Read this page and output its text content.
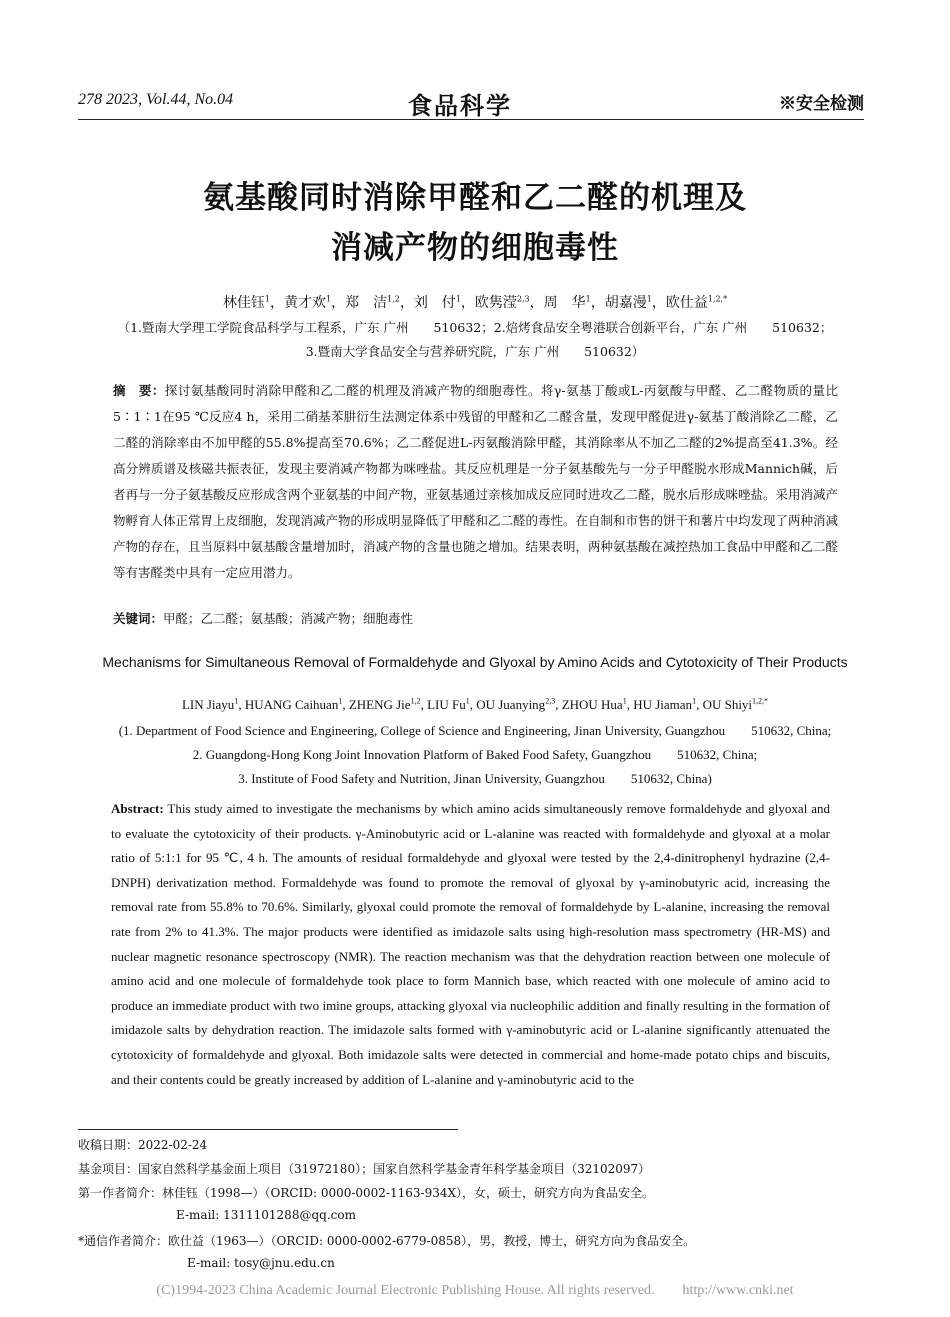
278 2023, Vol.44, No.04	食品科学	※安全检测
氨基酸同时消除甲醛和乙二醛的机理及
消减产物的细胞毒性
林佳钰$^1$，黄才欢$^1$，郑　洁$^{1,2}$，刘　付$^1$，欧隽滢$^{2,3}$，周　华$^1$，胡嘉漫$^1$，欧仕益$^{1,2,*}$
（1.暨南大学理工学院食品科学与工程系，广东 广州　　510632；2.焙烤食品安全粤港联合创新平台，广东 广州　　510632；
3.暨南大学食品安全与营养研究院，广东 广州　　510632）
摘　要：探讨氨基酸同时消除甲醛和乙二醛的机理及消减产物的细胞毒性。将γ-氨基丁酸或L-丙氨酸与甲醛、乙二醛物质的量比5∶1∶1在95 ℃反应4 h，采用二硝基苯肼衍生法测定体系中残留的甲醛和乙二醛含量，发现甲醛促进γ-氨基丁酸消除乙二醛，乙二醛的消除率由不加甲醛的55.8%提高至70.6%；乙二醛促进L-丙氨酸消除甲醛，其消除率从不加乙二醛的2%提高至41.3%。经高分辨质谱及核磁共振表征，发现主要消减产物都为咪唑盐。其反应机理是一分子氨基酸先与一分子甲醛脱水形成Mannich碱，后者再与一分子氨基酸反应形成含两个亚氨基的中间产物，亚氨基通过亲核加成反应同时进攻乙二醛，脱水后形成咪唑盐。采用消减产物孵育人体正常胃上皮细胞，发现消减产物的形成明显降低了甲醛和乙二醛的毒性。在自制和市售的饼干和薯片中均发现了两种消减产物的存在，且当原料中氨基酸含量增加时，消减产物的含量也随之增加。结果表明，两种氨基酸在减控热加工食品中甲醛和乙二醛等有害醛类中具有一定应用潜力。
关键词：甲醛；乙二醛；氨基酸；消减产物；细胞毒性
Mechanisms for Simultaneous Removal of Formaldehyde and Glyoxal by Amino Acids and Cytotoxicity of Their Products
LIN Jiayu$^1$, HUANG Caihuan$^1$, ZHENG Jie$^{1,2}$, LIU Fu$^1$, OU Juanying$^{2,3}$, ZHOU Hua$^1$, HU Jiaman$^1$, OU Shiyi$^{1,2,*}$
(1. Department of Food Science and Engineering, College of Science and Engineering, Jinan University, Guangzhou　　510632, China;
2. Guangdong-Hong Kong Joint Innovation Platform of Baked Food Safety, Guangzhou　　510632, China;
3. Institute of Food Safety and Nutrition, Jinan University, Guangzhou　　510632, China)
Abstract: This study aimed to investigate the mechanisms by which amino acids simultaneously remove formaldehyde and glyoxal and to evaluate the cytotoxicity of their products. γ-Aminobutyric acid or L-alanine was reacted with formaldehyde and glyoxal at a molar ratio of 5:1:1 for 95 ℃, 4 h. The amounts of residual formaldehyde and glyoxal were tested by the 2,4-dinitrophenyl hydrazine (2,4-DNPH) derivatization method. Formaldehyde was found to promote the removal of glyoxal by γ-aminobutyric acid, increasing the removal rate from 55.8% to 70.6%. Similarly, glyoxal could promote the removal of formaldehyde by L-alanine, increasing the removal rate from 2% to 41.3%. The major products were identified as imidazole salts using high-resolution mass spectrometry (HR-MS) and nuclear magnetic resonance spectroscopy (NMR). The reaction mechanism was that the dehydration reaction between one molecule of amino acid and one molecule of formaldehyde took place to form Mannich base, which reacted with one molecule of amino acid to produce an immediate product with two imine groups, attacking glyoxal via nucleophilic addition and finally resulting in the formation of imidazole salts by dehydration reaction. The imidazole salts formed with γ-aminobutyric acid or L-alanine significantly attenuated the cytotoxicity of formaldehyde and glyoxal. Both imidazole salts were detected in commercial and home-made potato chips and biscuits, and their contents could be greatly increased by addition of L-alanine and γ-aminobutyric acid to the
收稿日期：2022-02-24
基金项目：国家自然科学基金面上项目（31972180）；国家自然科学基金青年科学基金项目（32102097）
第一作者简介：林佳钰（1998—）（ORCID: 0000-0002-1163-934X），女，硕士，研究方向为食品安全。
E-mail: 1311101288@qq.com
*通信作者简介：欧仕益（1963—）（ORCID: 0000-0002-6779-0858），男，教授，博士，研究方向为食品安全。
E-mail: tosy@jnu.edu.cn
(C)1994-2023 China Academic Journal Electronic Publishing House. All rights reserved.　　http://www.cnki.net
